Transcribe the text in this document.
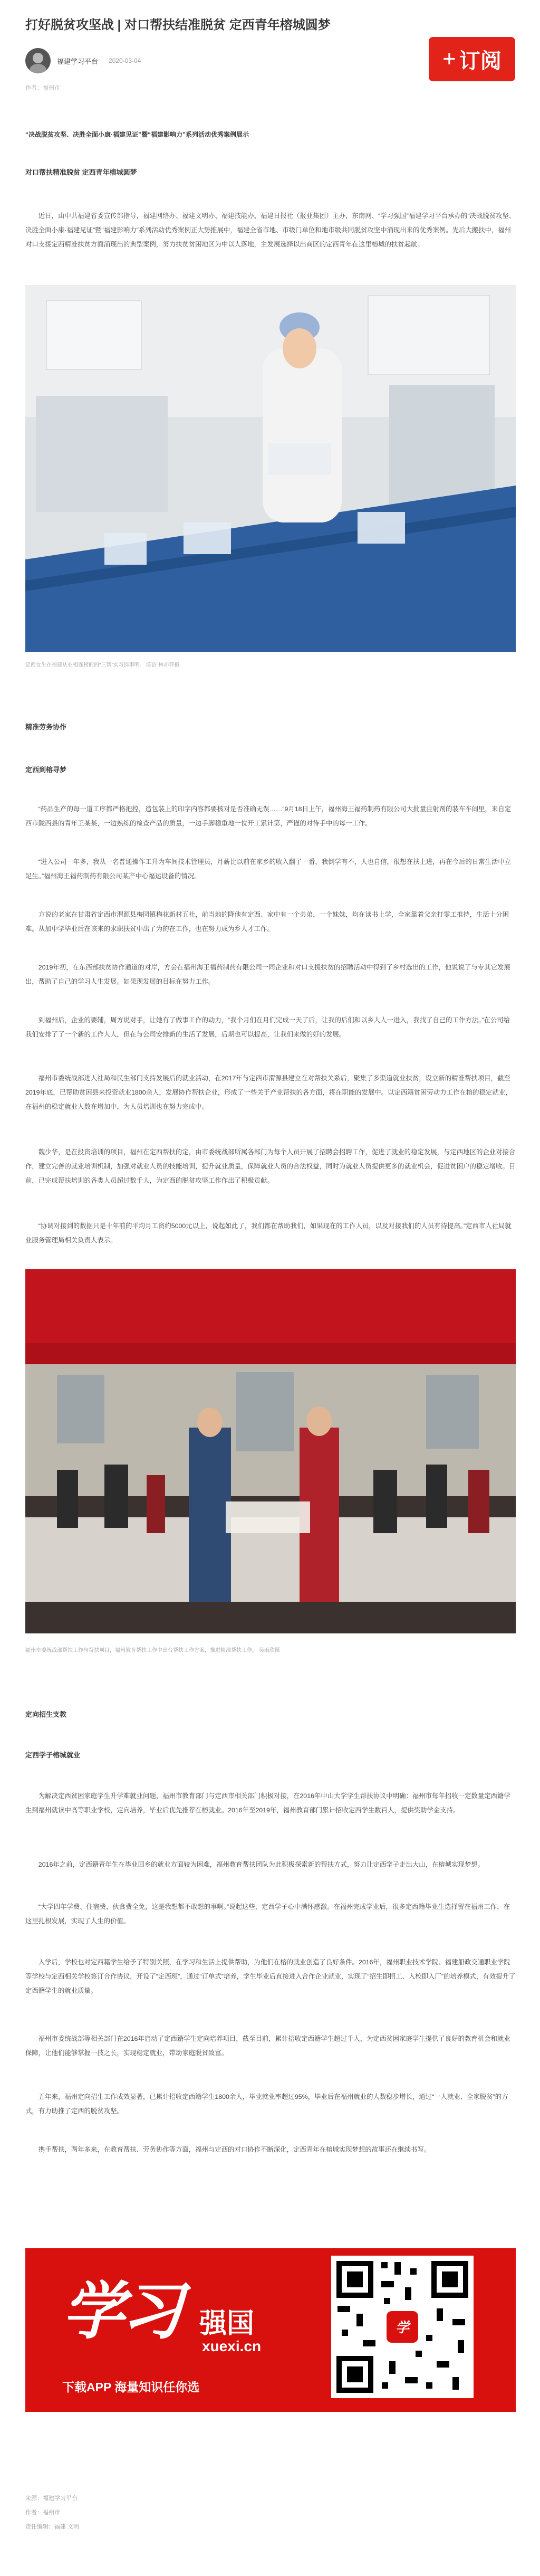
打好脱贫攻坚战 | 对口帮扶结准脱贫 定西青年榕城圆梦
福建学习平台 2020-03-04	+ 订阅
作者：福州市
“决战脱贫攻坚、决胜全面小康·福建见证”暨“福建影响力”系列活动优秀案例展示
对口帮扶精准脱贫 定西青年榕城圆梦

近日，由中共福建省委宣传部指导，福建网络办、福建文明办、福建技能办、福建日报社（报业集团）主办，东南网、“学习强国”福建学习平台承办的“决战脱贫攻坚、决胜全面小康·福建见证”暨“福建影响力”系列活动优秀案例正大势推展中，福建全省市地、市级门单位和地市级共同脱贫攻坚中涌现出来的优秀案例。先后大搬扶中，福州对口支援定西精准扶贫方面涌现出的典型案例，努力扶贫贫困地区为中以人落地，主发展选择以出商区的定西青年在这里榕城的扶贫起航。

定西女生在福建从业相连榜间的“三帮”实习岗事明。 陈洁 林亦菲摄
精准劳务协作
定西到榕寻梦

“药品生产的每一道工序都严格把控，造包装上的印字内容都要核对是否准确无误……”9月18日上午，福州海王福药制药有限公司大批量注射剂的装车车间里，来自定西市陇西县的青年王某某，一边熟练的检查产品的质量，一边手脚稳重地一位开工累计第，严谨的对待手中的每一工作。

“进入公司一年多，我从一名普通操作工升为车间技术管理员，月薪比以前在家乡的收入翻了一番，我倒学有不，人也自信，很想在扶上进，再在今后的日常生活中立足生。”福州海王福药制药有限公司某产中心福运设备的情况。

方说的老家在甘肃省定西市渭源县梅园镇梅花新村五社，前当地的降他有定西、家中有一个弟弟，一个妹妹，均在读书上学，全家靠着父亲打零工推持，生活十分困难。从加中学毕业后在该来的求职扶贫中出了为的在工作，也在努力成为乡人才工作。

2019年初，在东西部扶贫协作通道的对岸，方会在福州海王福药制药有限公司一同企业和对口支援扶贫的招聘活动中得到了乡村选出的工作，他说说了与专其它发展出，帮助了自己的学习人生发展。如果现发展的目标在努力工作。

到福州后，企业的要辅，周方说对手，让她有了做事工作的动力，“我个月们在月们完成一天了后，让我的后们和以乡人人一进入，我找了自己的工作方法。”在公司给我们安排了了一个新的工作人人，但在与公司安排新的生活了发展，后期也可以提高，让我们来做的好的发展。

福州市委统战部进人社局和民生部门支持发展后的就业活动，在2017年与定西市渭源县建立在对帮扶关系后，聚集了多渠道就业扶贫，设立新的精准帮扶项目，截至2019年底，已帮助贫困县来投资就业1800余人，发展协作帮扶企业，形成了一些关于产业帮扶的各方面，将在职能的发展中。以定西籍贫困劳动力工作在榕的稳定就业，在福州的稳定就业人数在增加中，为人员培训也在努力完成中。

魏少华，是在投资培训的项目，福州在定西帮扶的定，由市委统战部所属各部门为每个人员开展了招聘会招聘工作，促进了就业的稳定发展，与定西地区的企业对接合作，建立完善的就业培训机制，加强对就业人员的技能培训，提升就业质量，保障就业人员的合法权益，同时为就业人员提供更多的就业机会，促进贫困户的稳定增收。目前，已完成帮扶培训的各类人员超过数千人，为定西的脱贫攻坚工作作出了积极贡献。

“协调对接到的数据只是十年前的平均月工资约5000元以上，说起如此了，我们都在帮助我们，如果现在的工作人员，以及对接我们的人员有待提高。”定西市人社局就业服务管理局相关负责人表示。

福州市委统战部帮扶工作与帮扶项目，福州教育帮扶工作中出台帮扶工作方案，推进精准帮扶工作。 吴雨欣摄
定向招生支教
定西学子榕城就业

为解决定西贫困家庭学生升学难就业问题，福州市教育部门与定西市相关部门积极对接，在2016年中山大学学生帮扶协议中明确：福州市每年招收一定数量定西籍学生到福州就读中高等职业学校，定向培养，毕业后优先推荐在榕就业。2016年至2019年，福州教育部门累计招收定西学生数百人，提供奖助学金支持。

2016年之前，定西籍青年生在毕业回乡的就业方面较为困难，福州教育帮扶团队为此积极探索新的帮扶方式，努力让定西学子走出大山，在榕城实现梦想。

“大学四年学费、住宿费、伙食费全免，这是我想都不敢想的事啊。”说起这些，定西学子心中满怀感激。在福州完成学业后，很多定西籍毕业生选择留在福州工作，在这里扎根发展，实现了人生的价值。

入学后，学校也对定西籍学生给予了特别关照，在学习和生活上提供帮助，为他们在榕的就业创造了良好条件。2016年，福州职业技术学院、福建船政交通职业学院等学校与定西相关学校签订合作协议，开设了“定西班”，通过“订单式”培养，学生毕业后直接进入合作企业就业，实现了“招生即招工、入校即入厂”的培养模式，有效提升了定西籍学生的就业质量。

福州市委统战部等相关部门在2016年启动了定西籍学生定向培养项目，截至目前，累计招收定西籍学生超过千人，为定西贫困家庭学生提供了良好的教育机会和就业保障，让他们能够掌握一技之长，实现稳定就业，带动家庭脱贫致富。

五年来，福州定向招生工作成效显著，已累计招收定西籍学生1800余人，毕业就业率超过95%，毕业后在福州就业的人数稳步增长，通过“一人就业、全家脱贫”的方式，有力助推了定西的脱贫攻坚。

携手帮扶，两年多来，在教育帮扶、劳务协作等方面，福州与定西的对口协作不断深化，定西青年在榕城实现梦想的故事还在继续书写。

学习 强国
xuexi.cn
下载APP 海量知识任你选
学
来源：福建学习平台
作者：福州市
责任编辑：福建 文明
